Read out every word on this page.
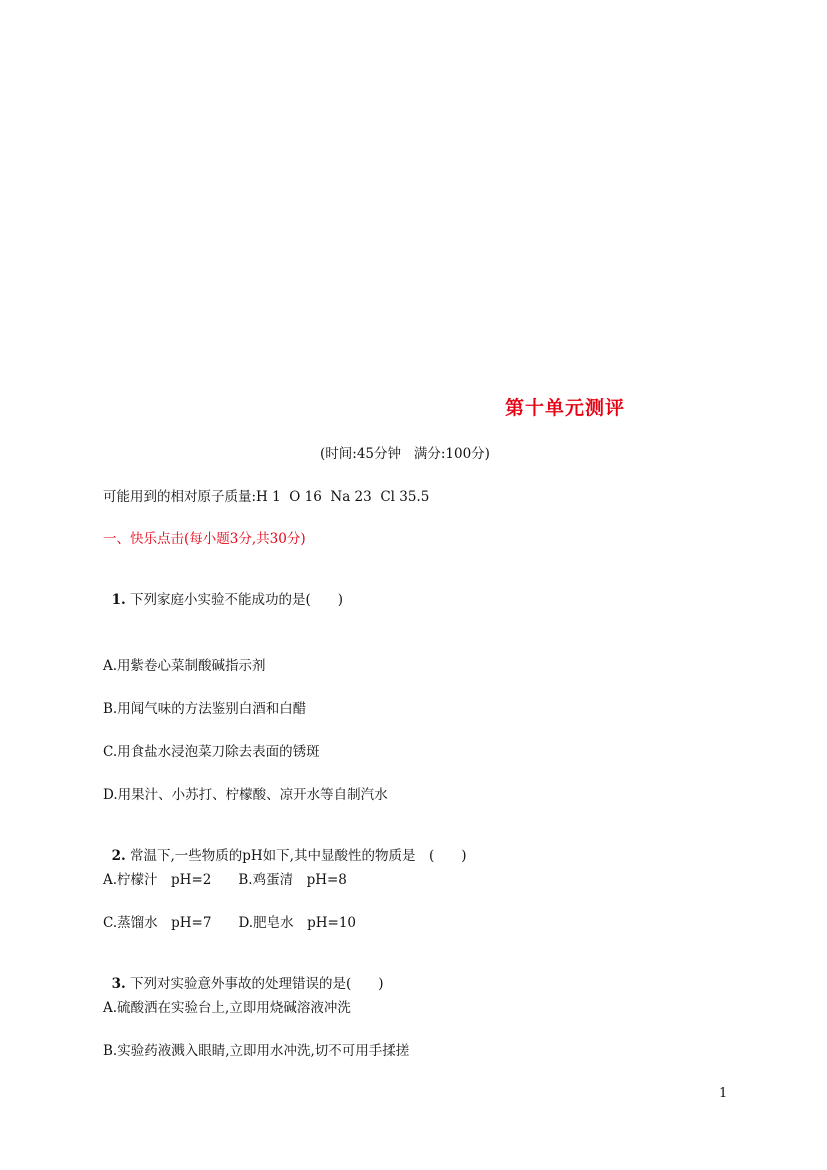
第十单元测评
(时间:45分钟   满分:100分)
可能用到的相对原子质量:H 1  O 16  Na 23  Cl 35.5
一、快乐点击(每小题3分,共30分)

1. 下列家庭小实验不能成功的是(　　)

A.用紫卷心菜制酸碱指示剂
B.用闻气味的方法鉴别白酒和白醋
C.用食盐水浸泡菜刀除去表面的锈斑
D.用果汁、小苏打、柠檬酸、凉开水等自制汽水

2. 常温下,一些物质的pH如下,其中显酸性的物质是　(　　)

A.柠檬汁　pH=2　　B.鸡蛋清　pH=8
C.蒸馏水　pH=7　　D.肥皂水　pH=10

3. 下列对实验意外事故的处理错误的是(　　)

A.硫酸洒在实验台上,立即用烧碱溶液冲洗
B.实验药液溅入眼睛,立即用水冲洗,切不可用手揉搓
1
